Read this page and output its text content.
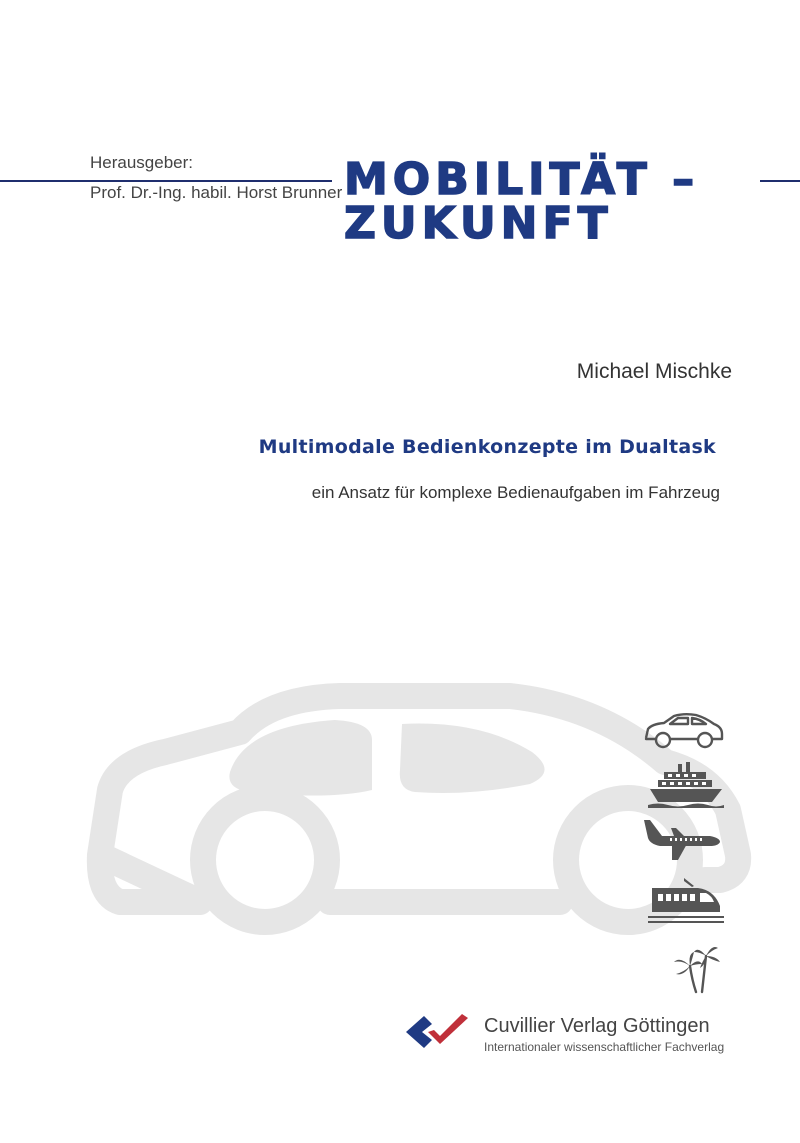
Herausgeber:
Prof. Dr.-Ing. habil. Horst Brunner MOBILITÄT –
ZUKUNFT
Michael Mischke
Multimodale Bedienkonzepte im Dualtask
ein Ansatz für komplexe Bedienaufgaben im Fahrzeug
Cuvillier Verlag Göttingen
Internationaler wissenschaftlicher Fachverlag
